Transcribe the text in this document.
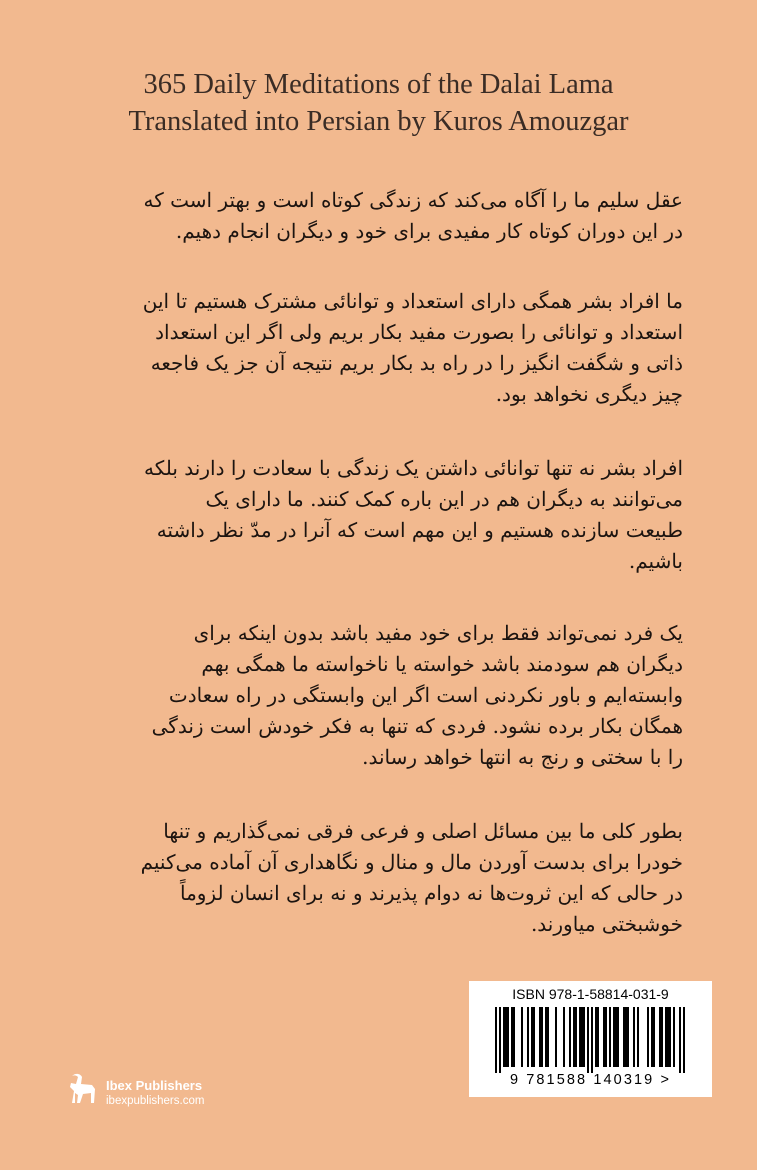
365 Daily Meditations of the Dalai Lama
Translated into Persian by Kuros Amouzgar
عقل سلیم ما را آگاه می‌کند که زندگی کوتاه است و بهتر است که
در این دوران کوتاه کار مفیدی برای خود و دیگران انجام دهیم.
ما افراد بشر همگی دارای استعداد و توانائی مشترک هستیم تا این
استعداد و توانائی را بصورت مفید بکار بریم ولی اگر این استعداد
ذاتی و شگفت انگیز را در راه بد بکار بریم نتیجه آن جز یک فاجعه
چیز دیگری نخواهد بود.
افراد بشر نه تنها توانائی داشتن یک زندگی با سعادت را دارند بلکه
می‌توانند به دیگران هم در این باره کمک کنند. ما دارای یک
طبیعت سازنده هستیم و این مهم است که آنرا در مدّ نظر داشته
باشیم.
یک فرد نمی‌تواند فقط برای خود مفید باشد بدون اینکه برای
دیگران هم سودمند باشد خواسته یا ناخواسته ما همگی بهم
وابسته‌ایم و باور نکردنی است اگر این وابستگی در راه سعادت
همگان بکار برده نشود. فردی که تنها به فکر خودش است زندگی
را با سختی و رنج به انتها خواهد رساند.
بطور کلی ما بین مسائل اصلی و فرعی فرقی نمی‌گذاریم و تنها
خودرا برای بدست آوردن مال و منال و نگاهداری آن آماده می‌کنیم
در حالی که این ثروت‌ها نه دوام پذیرند و نه برای انسان لزوماً
خوشبختی میاورند.
Ibex Publishers
ibexpublishers.com
ISBN 978-1-58814-031-9
9 781588 140319 >
